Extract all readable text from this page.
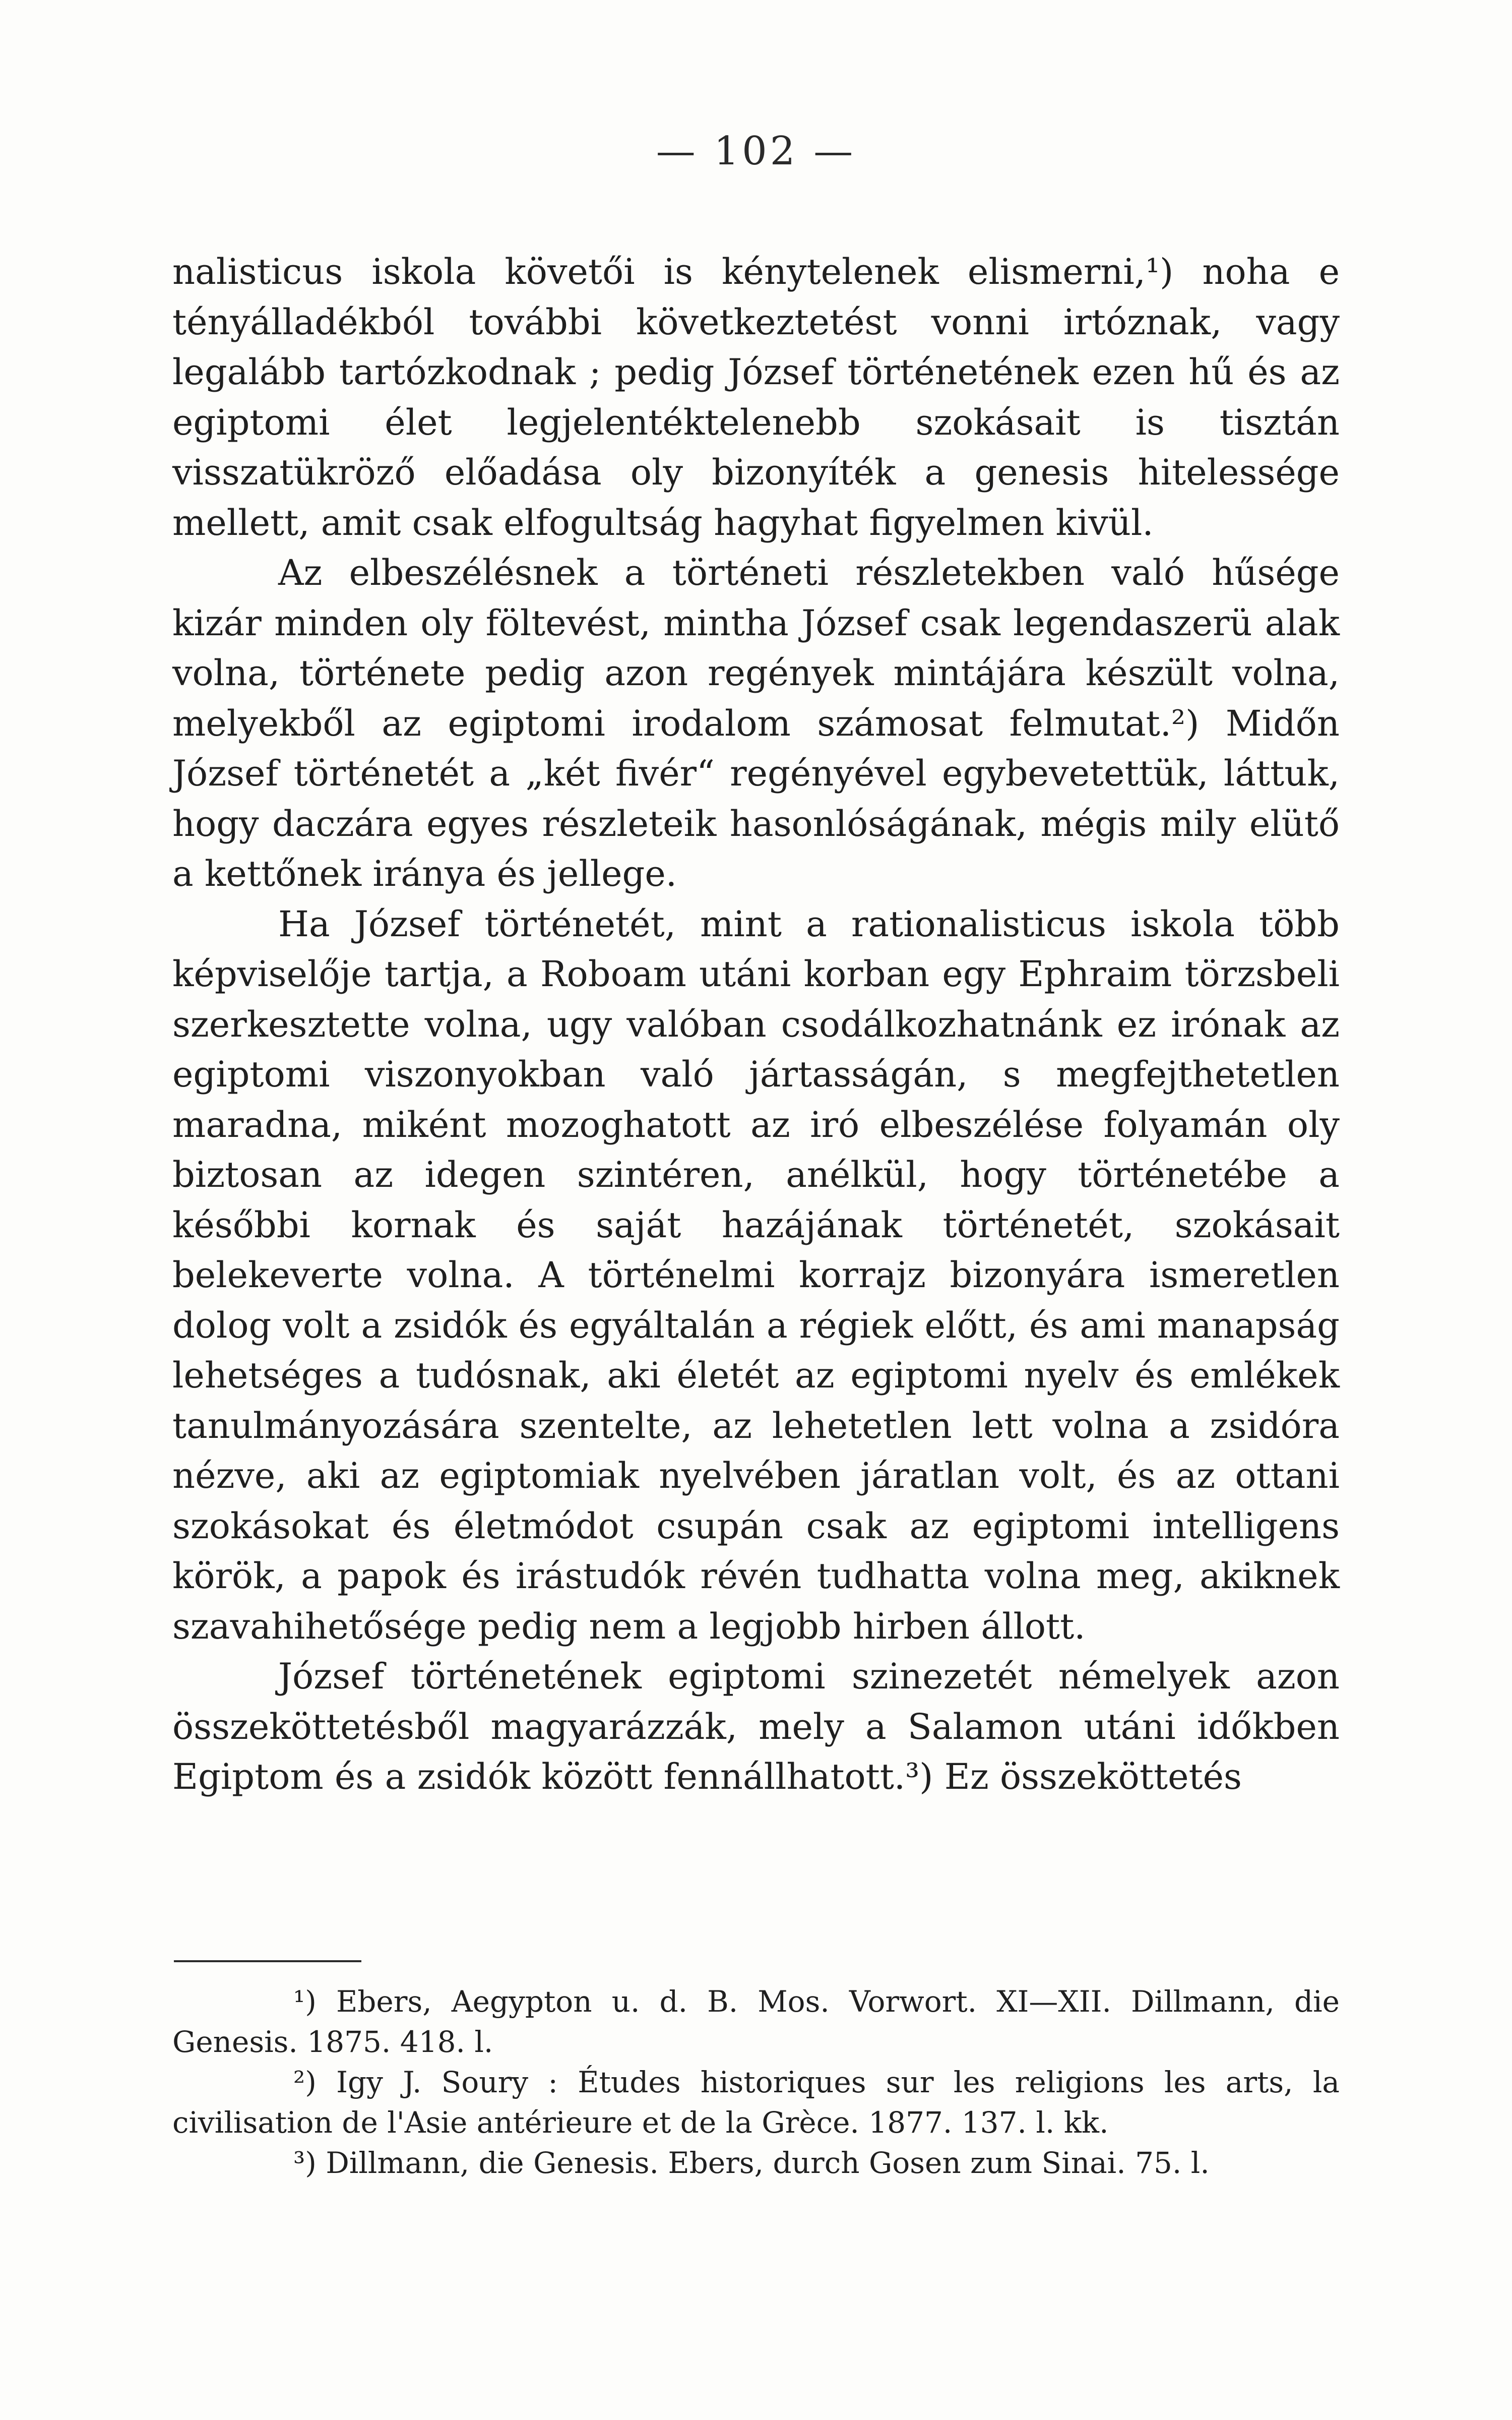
— 102 —

nalisticus iskola követői is kénytelenek elismerni,¹) noha e tényálladékból további következtetést vonni irtóznak, vagy legalább tartózkodnak ; pedig József történetének ezen hű és az egiptomi élet legjelentéktelenebb szokásait is tisztán visszatükröző előadása oly bizonyíték a genesis hitelessége mellett, amit csak elfogultság hagyhat figyelmen kivül.

Az elbeszélésnek a történeti részletekben való hűsége kizár minden oly föltevést, mintha József csak legendaszerü alak volna, története pedig azon regények mintájára készült volna, melyekből az egiptomi irodalom számosat felmutat.²) Midőn József történetét a „két fivér“ regényével egybevetettük, láttuk, hogy daczára egyes részleteik hasonlóságának, mégis mily elütő a kettőnek iránya és jellege.

Ha József történetét, mint a rationalisticus iskola több képviselője tartja, a Roboam utáni korban egy Ephraim törzsbeli szerkesztette volna, ugy valóban csodálkozhatnánk ez irónak az egiptomi viszonyokban való jártasságán, s megfejthetetlen maradna, miként mozoghatott az iró elbeszélése folyamán oly biztosan az idegen szintéren, anélkül, hogy történetébe a későbbi kornak és saját hazájának történetét, szokásait belekeverte volna. A történelmi korrajz bizonyára ismeretlen dolog volt a zsidók és egyáltalán a régiek előtt, és ami manapság lehetséges a tudósnak, aki életét az egiptomi nyelv és emlékek tanulmányozására szentelte, az lehetetlen lett volna a zsidóra nézve, aki az egiptomiak nyelvében járatlan volt, és az ottani szokásokat és életmódot csupán csak az egiptomi intelligens körök, a papok és irástudók révén tudhatta volna meg, akiknek szavahihetősége pedig nem a legjobb hirben állott.

József történetének egiptomi szinezetét némelyek azon összeköttetésből magyarázzák, mely a Salamon utáni időkben Egiptom és a zsidók között fennállhatott.³) Ez összeköttetés

¹) Ebers, Aegypton u. d. B. Mos. Vorwort. XI—XII. Dillmann, die Genesis. 1875. 418. l.

²) Igy J. Soury : Études historiques sur les religions les arts, la civilisation de l'Asie antérieure et de la Grèce. 1877. 137. l. kk.

³) Dillmann, die Genesis. Ebers, durch Gosen zum Sinai. 75. l.
